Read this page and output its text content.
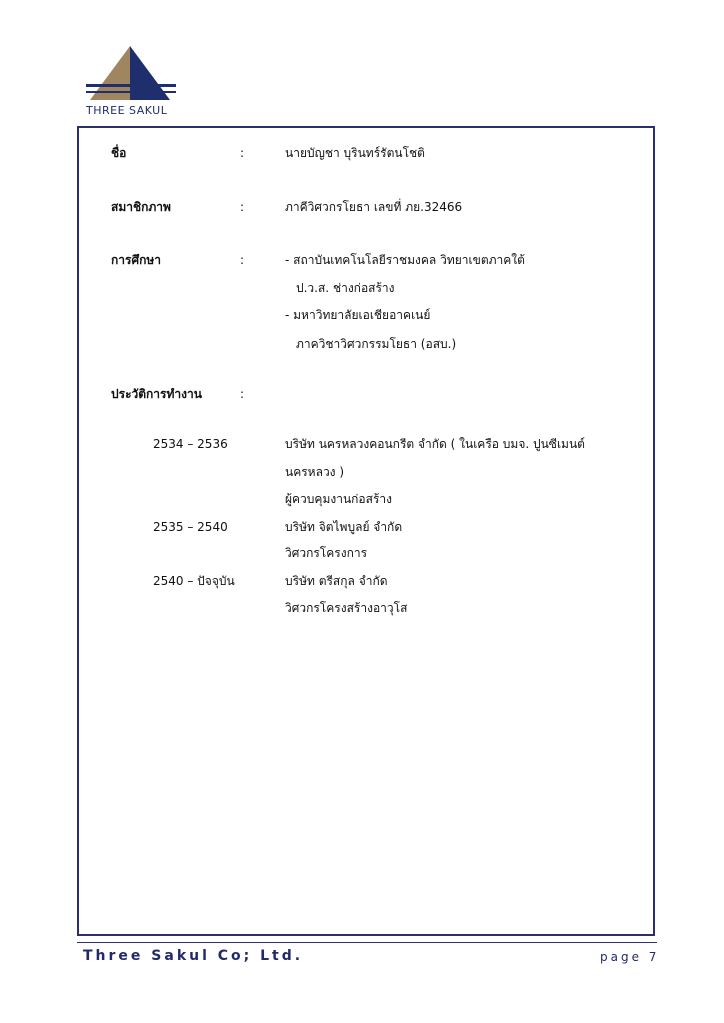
THREE SAKUL
ชื่อ	:	นายบัญชา บุรินทร์รัตนโชติ
สมาชิกภาพ	:	ภาคีวิศวกรโยธา เลขที่ ภย.32466
การศึกษา	:	- สถาบันเทคโนโลยีราชมงคล วิทยาเขตภาคใต้
ป.ว.ส. ช่างก่อสร้าง
- มหาวิทยาลัยเอเชียอาคเนย์
ภาควิชาวิศวกรรมโยธา (อสบ.)
ประวัติการทำงาน	:
2534 – 2536	บริษัท นครหลวงคอนกรีต จำกัด ( ในเครือ บมจ. ปูนซีเมนต์
นครหลวง )
ผู้ควบคุมงานก่อสร้าง
2535 – 2540	บริษัท จิตไพบูลย์ จำกัด
วิศวกรโครงการ
2540 – ปัจจุบัน	บริษัท ตรีสกุล จำกัด
วิศวกรโครงสร้างอาวุโส
Three Sakul Co; Ltd.	page 7
